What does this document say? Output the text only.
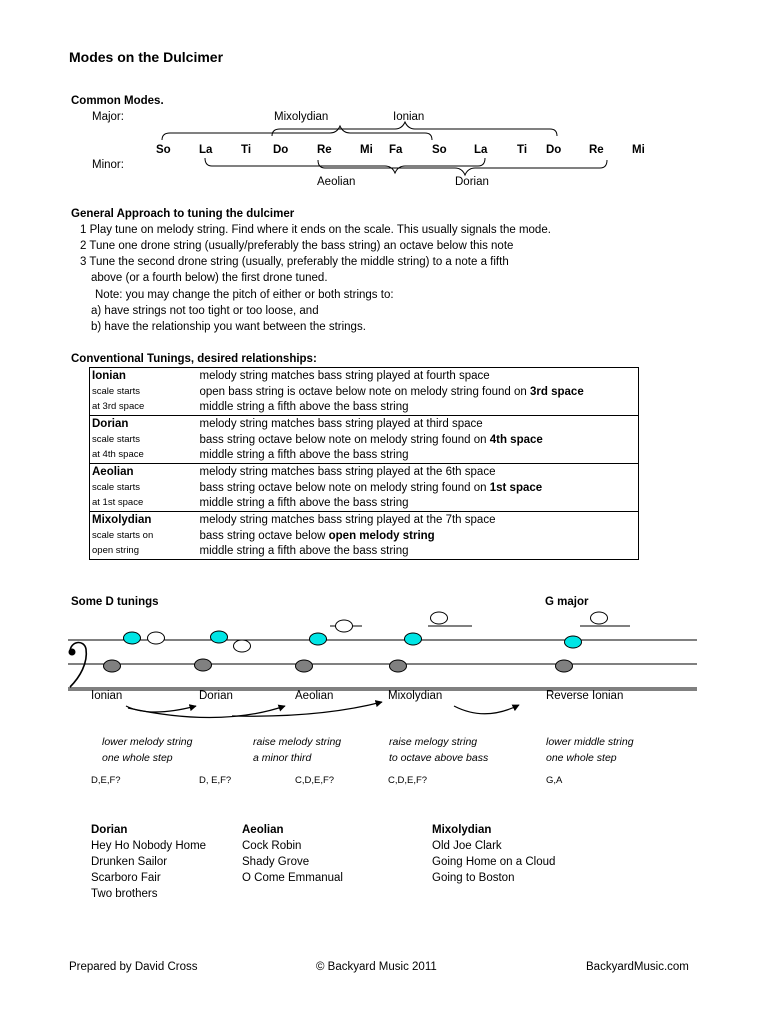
Modes on the Dulcimer
Common Modes.
Major:
Minor:
Mixolydian	Ionian
Aeolian	Dorian
So La Ti Do Re Mi Fa	So La	Ti Do Re Mi
General Approach to tuning the dulcimer
1 Play tune on melody string. Find where it ends on the scale. This usually signals the mode.
2 Tune one drone string (usually/preferably the bass string) an octave below this note
3 Tune the second drone string (usually, preferably the middle string) to a note a fifth
above (or a fourth below) the first drone tuned.
Note: you may change the pitch of either or both strings to:
a) have strings not too tight or too loose, and
b) have the relationship you want between the strings.
Conventional Tunings, desired relationships:
Ionian	melody string matches bass string played at fourth space
scale starts	open bass string is octave below note on melody string found on 3rd space
at 3rd space	middle string a fifth above the bass string
Dorian	melody string matches bass string played at third space
scale starts	bass string octave below note on melody string found on 4th space
at 4th space	middle string a fifth above the bass string
Aeolian	melody string matches bass string played at the 6th space
scale starts	bass string octave below note on melody string found on 1st space
at 1st space	middle string a fifth above the bass string
Mixolydian	melody string matches bass string played at the 7th space
scale starts on	bass string octave below open melody string
open string	middle string a fifth above the bass string
Some D tunings	G major
Ionian	Dorian	Aeolian	Mixolydian	Reverse Ionian
lower melody string
one whole step
raise melody string
a minor third
raise melogy string
to octave above bass
lower middle string
one whole step
D,E,F?	D, E,F?	C,D,E,F?	C,D,E,F?	G,A
Dorian
Hey Ho Nobody Home
Drunken Sailor
Scarboro Fair
Two brothers
Aeolian
Cock Robin
Shady Grove
O Come Emmanual
Mixolydian
Old Joe Clark
Going Home on a Cloud
Going to Boston
Prepared by David Cross	© Backyard Music 2011	BackyardMusic.com
